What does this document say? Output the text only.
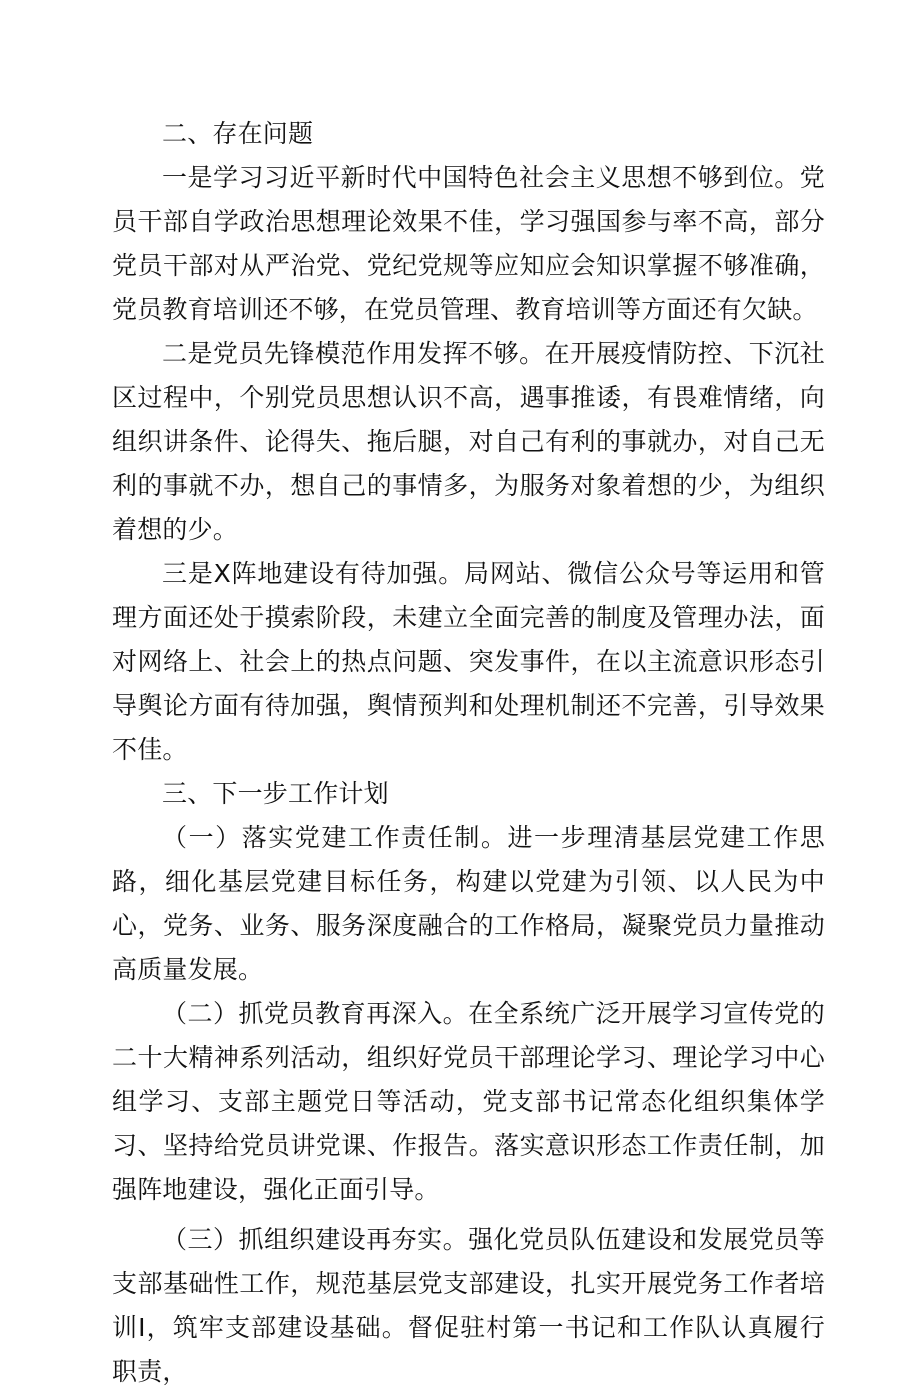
二、存在问题

一是学习习近平新时代中国特色社会主义思想不够到位。党员干部自学政治思想理论效果不佳，学习强国参与率不高，部分党员干部对从严治党、党纪党规等应知应会知识掌握不够准确，党员教育培训还不够，在党员管理、教育培训等方面还有欠缺。

二是党员先锋模范作用发挥不够。在开展疫情防控、下沉社区过程中，个别党员思想认识不高，遇事推诿，有畏难情绪，向组织讲条件、论得失、拖后腿，对自己有利的事就办，对自己无利的事就不办，想自己的事情多，为服务对象着想的少，为组织着想的少。

三是X阵地建设有待加强。局网站、微信公众号等运用和管理方面还处于摸索阶段，未建立全面完善的制度及管理办法，面对网络上、社会上的热点问题、突发事件，在以主流意识形态引导舆论方面有待加强，舆情预判和处理机制还不完善，引导效果不佳。

三、下一步工作计划

（一）落实党建工作责任制。进一步理清基层党建工作思路，细化基层党建目标任务，构建以党建为引领、以人民为中心，党务、业务、服务深度融合的工作格局，凝聚党员力量推动高质量发展。

（二）抓党员教育再深入。在全系统广泛开展学习宣传党的二十大精神系列活动，组织好党员干部理论学习、理论学习中心组学习、支部主题党日等活动，党支部书记常态化组织集体学习、坚持给党员讲党课、作报告。落实意识形态工作责任制，加强阵地建设，强化正面引导。

（三）抓组织建设再夯实。强化党员队伍建设和发展党员等支部基础性工作，规范基层党支部建设，扎实开展党务工作者培训I，筑牢支部建设基础。督促驻村第一书记和工作队认真履行职责，
